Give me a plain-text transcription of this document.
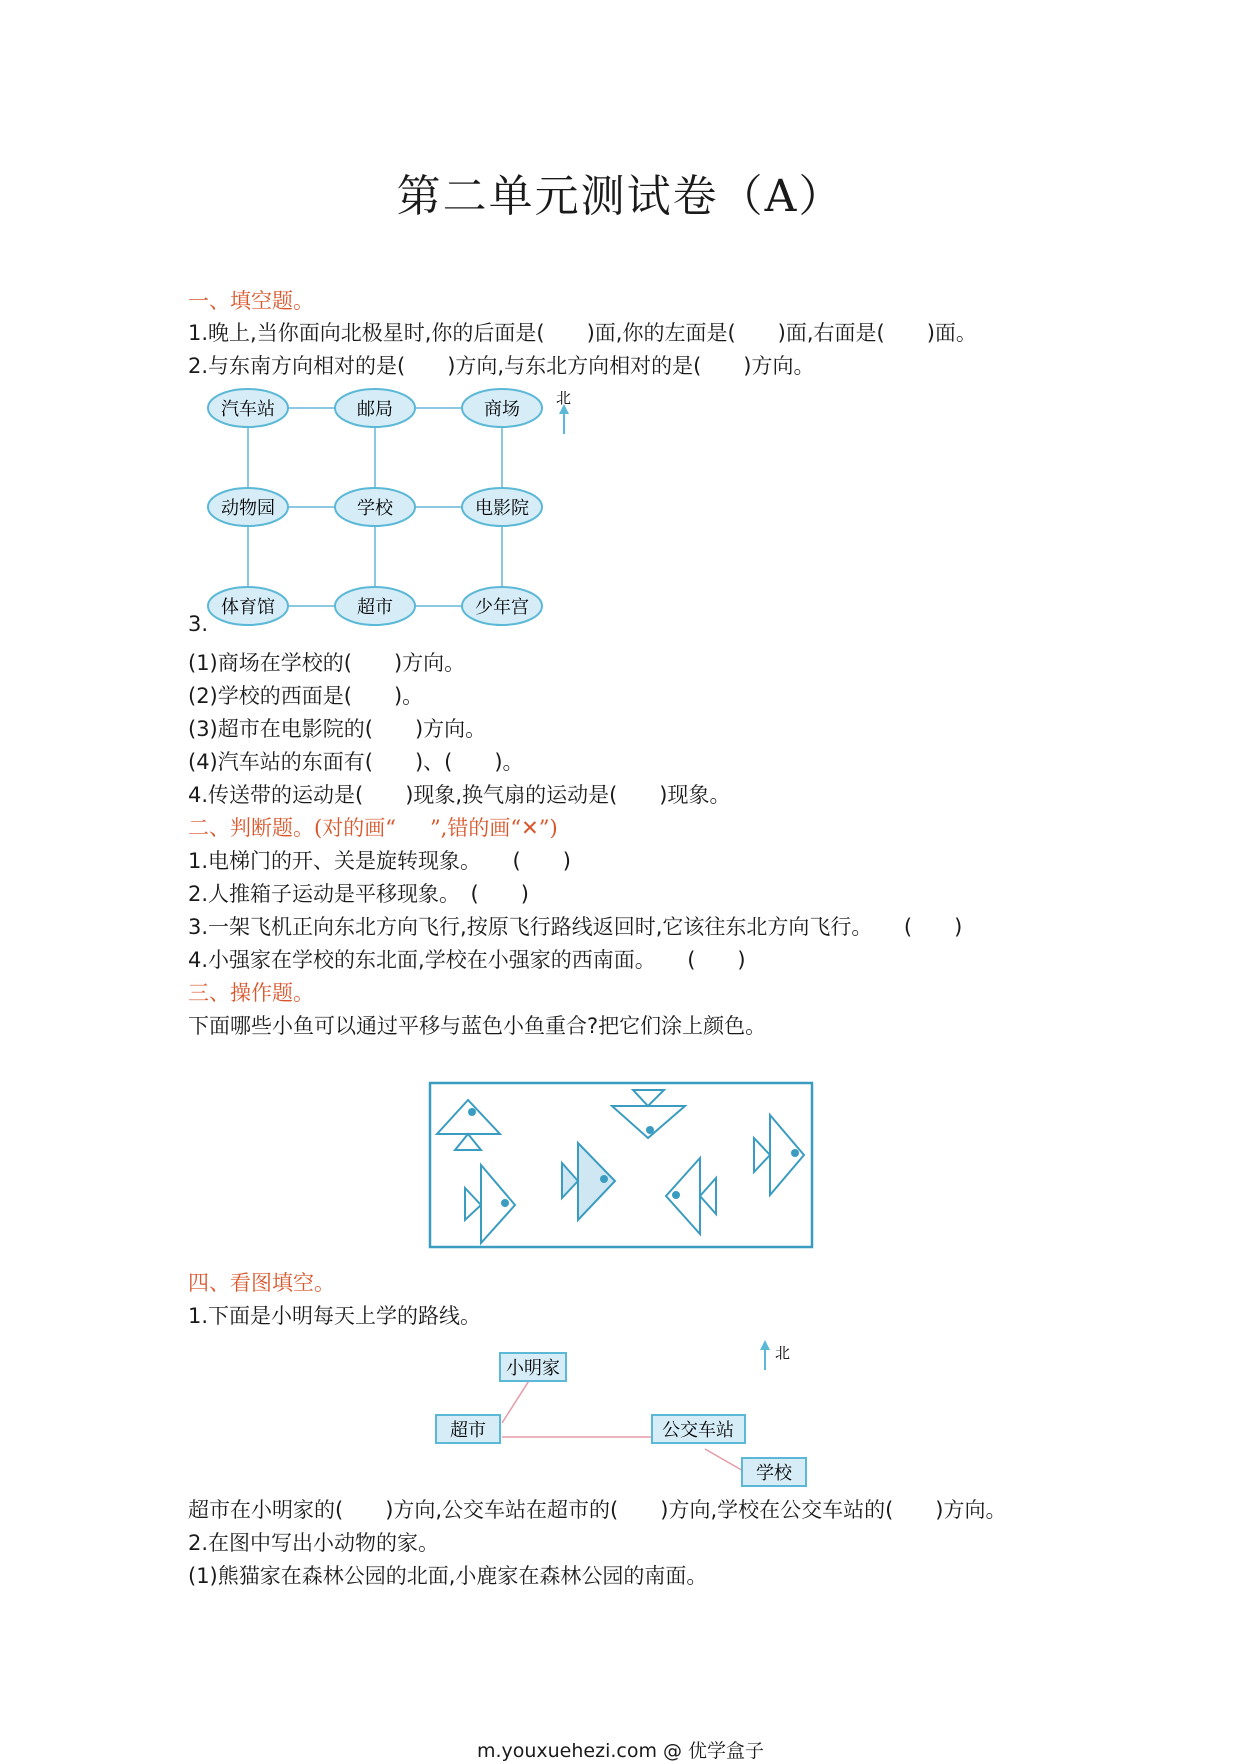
第二单元测试卷（A）
一、填空题。
1.晚上,当你面向北极星时,你的后面是(　　)面,你的左面是(　　)面,右面是(　　)面。
2.与东南方向相对的是(　　)方向,与东北方向相对的是(　　)方向。
汽车站	邮局	商场
动物园	学校	电影院
体育馆	超市	少年宫
北
3.
(1)商场在学校的(　　)方向。
(2)学校的西面是(　　)。
(3)超市在电影院的(　　)方向。
(4)汽车站的东面有(　　)、(　　)。
4.传送带的运动是(　　)现象,换气扇的运动是(　　)现象。
二、判断题。(对的画“ ”,错的画“✕”)
1.电梯门的开、关是旋转现象。　　(　　)
2.人推箱子运动是平移现象。　(　　)
3.一架飞机正向东北方向飞行,按原飞行路线返回时,它该往东北方向飞行。　　(　　)
4.小强家在学校的东北面,学校在小强家的西南面。　　(　　)
三、操作题。
下面哪些小鱼可以通过平移与蓝色小鱼重合?把它们涂上颜色。
四、看图填空。
1.下面是小明每天上学的路线。
小明家
超市	公交车站
学校
北
超市在小明家的(　　)方向,公交车站在超市的(　　)方向,学校在公交车站的(　　)方向。
2.在图中写出小动物的家。
(1)熊猫家在森林公园的北面,小鹿家在森林公园的南面。
m.youxuehezi.com @ 优学盒子
